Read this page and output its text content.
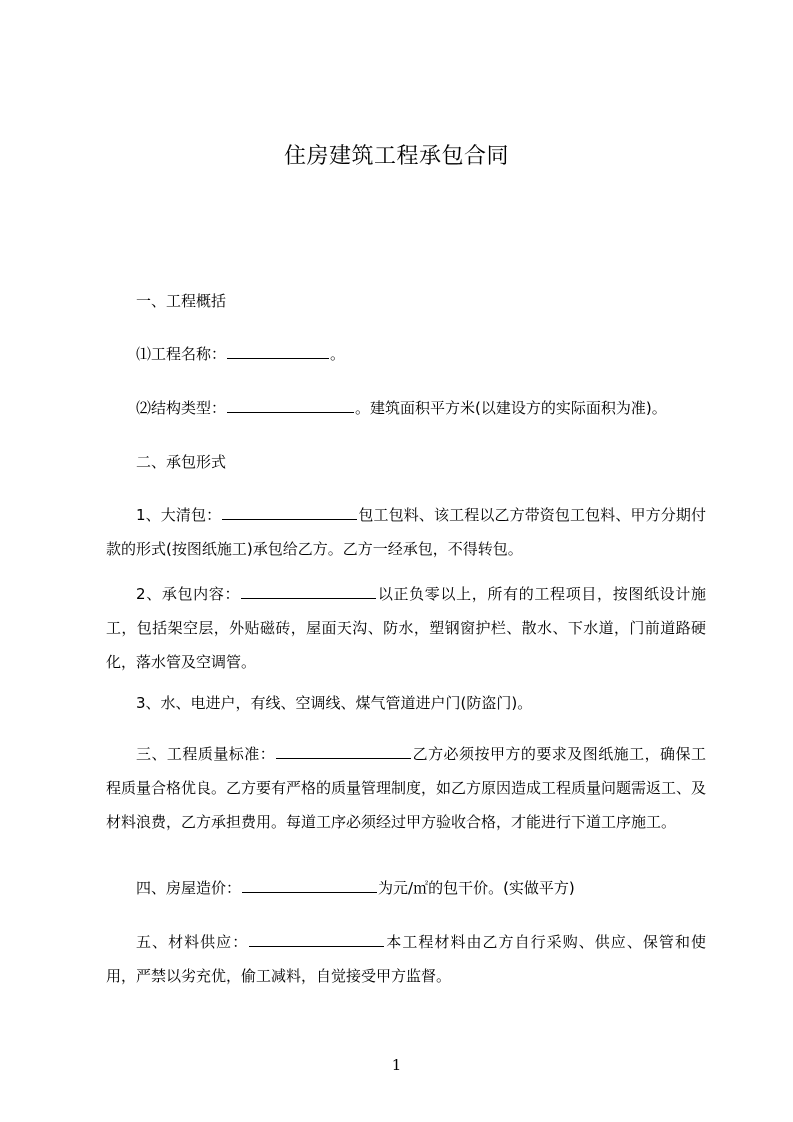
住房建筑工程承包合同

一、工程概括

⑴工程名称：	。

⑵结构类型：	。建筑面积平方米(以建设方的实际面积为准)。

二、承包形式

1、大清包：	包工包料、该工程以乙方带资包工包料、甲方分期付款的形式(按图纸施工)承包给乙方。乙方一经承包，不得转包。

2、承包内容：	以正负零以上，所有的工程项目，按图纸设计施工，包括架空层，外贴磁砖，屋面天沟、防水，塑钢窗护栏、散水、下水道，门前道路硬化，落水管及空调管。

3、水、电进户，有线、空调线、煤气管道进户门(防盗门)。

三、工程质量标准：	乙方必须按甲方的要求及图纸施工，确保工程质量合格优良。乙方要有严格的质量管理制度，如乙方原因造成工程质量问题需返工、及材料浪费，乙方承担费用。每道工序必须经过甲方验收合格，才能进行下道工序施工。

四、房屋造价：	为元/㎡的包干价。(实做平方)

五、材料供应：	本工程材料由乙方自行采购、供应、保管和使用，严禁以劣充优，偷工减料，自觉接受甲方监督。

1
